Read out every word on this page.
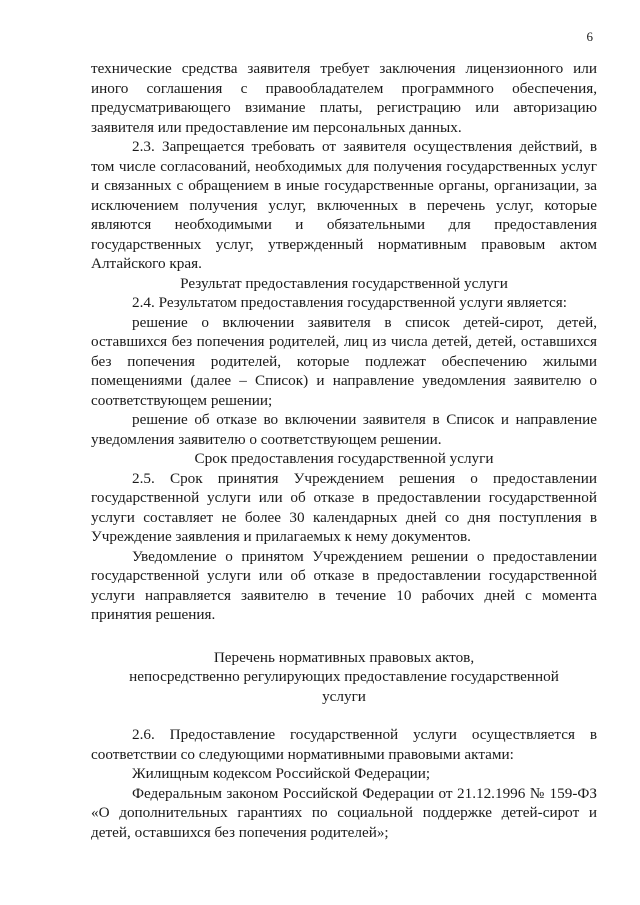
6

технические средства заявителя требует заключения лицензионного или иного соглашения с правообладателем программного обеспечения, предусматривающего взимание платы, регистрацию или авторизацию заявителя или предоставление им персональных данных.

2.3. Запрещается требовать от заявителя осуществления действий, в том числе согласований, необходимых для получения государственных услуг и связанных с обращением в иные государственные органы, организации, за исключением получения услуг, включенных в перечень услуг, которые являются необходимыми и обязательными для предоставления государственных услуг, утвержденный нормативным правовым актом Алтайского края.

Результат предоставления государственной услуги

2.4. Результатом предоставления государственной услуги является:

решение о включении заявителя в список детей-сирот, детей, оставшихся без попечения родителей, лиц из числа детей, детей, оставшихся без попечения родителей, которые подлежат обеспечению жилыми помещениями (далее – Список) и направление уведомления заявителю о соответствующем решении;

решение об отказе во включении заявителя в Список и направление уведомления заявителю о соответствующем решении.

Срок предоставления государственной услуги

2.5. Срок принятия Учреждением решения о предоставлении государственной услуги или об отказе в предоставлении государственной услуги составляет не более 30 календарных дней со дня поступления в Учреждение заявления и прилагаемых к нему документов.

Уведомление о принятом Учреждением решении о предоставлении государственной услуги или об отказе в предоставлении государственной услуги направляется заявителю в течение 10 рабочих дней с момента принятия решения.

Перечень нормативных правовых актов,
непосредственно регулирующих предоставление государственной
услуги

2.6. Предоставление государственной услуги осуществляется в соответствии со следующими нормативными правовыми актами:

Жилищным кодексом Российской Федерации;

Федеральным законом Российской Федерации от 21.12.1996 № 159-ФЗ «О дополнительных гарантиях по социальной поддержке детей-сирот и детей, оставшихся без попечения родителей»;
